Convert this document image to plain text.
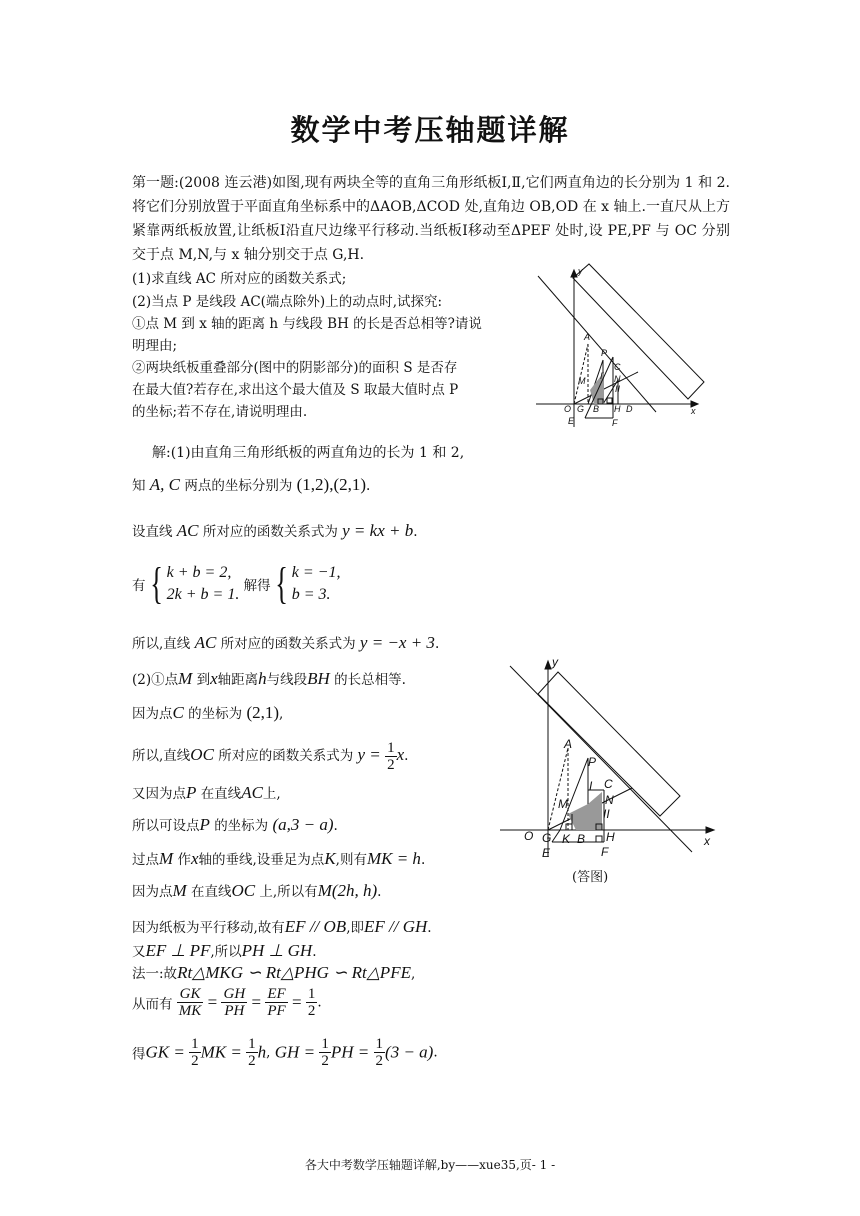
数学中考压轴题详解
第一题:(2008 连云港)如图,现有两块全等的直角三角形纸板Ⅰ,Ⅱ,它们两直角边的长分别为 1 和 2.将它们分别放置于平面直角坐标系中的ΔAOB,ΔCOD 处,直角边 OB,OD 在 x 轴上.一直尺从上方紧靠两纸板放置,让纸板Ⅰ沿直尺边缘平行移动.当纸板Ⅰ移动至ΔPEF 处时,设 PE,PF 与 OC 分别交于点 M,N,与 x 轴分别交于点 G,H.
(1)求直线 AC 所对应的函数关系式;
(2)当点 P 是线段 AC(端点除外)上的动点时,试探究:
①点 M 到 x 轴的距离 h 与线段 BH 的长是否总相等?请说
明理由;
②两块纸板重叠部分(图中的阴影部分)的面积 S 是否存
在最大值?若存在,求出这个最大值及 S 取最大值时点 P
的坐标;若不存在,请说明理由.
y
x
O
A
P
C
M I N
II
G B H D
E	F
解:(1)由直角三角形纸板的两直角边的长为 1 和 2,
知 A, C 两点的坐标分别为 (1,2),(2,1).
设直线 AC 所对应的函数关系式为 y = kx + b.
有{ k + b = 2,
2k + b = 1. 解得{ k = −1,
b = 3.
所以,直线 AC 所对应的函数关系式为 y = −x + 3.
(2)①点M 到x轴距离h与线段BH 的长总相等.
因为点C 的坐标为 (2,1),
所以,直线OC 所对应的函数关系式为 $y = \frac{1}{2} x$.
又因为点P 在直线AC上,
所以可设点P 的坐标为 (a,3 − a).
过点M 作x轴的垂线,设垂足为点K,则有MK = h.
因为点M 在直线OC 上,所以有M(2h, h).
因为纸板为平行移动,故有EF // OB,即EF // GH.
又EF ⊥ PF,所以PH ⊥ GH.
法一:故Rt△MKG ∽ Rt△PHG ∽ Rt△PFE,
从而有 $\frac{GK}{MK} = \frac{GH}{PH} = \frac{EF}{PF} = \frac{1}{2}$ .
得GK = $\frac{1}{2}$ MK = $\frac{1}{2} h$, GH = $\frac{1}{2}$ PH = $\frac{1}{2} (3 - a)$.
y
x
O
A
P
C
M
I
N
II
G K B H
E	F
(答图)
各大中考数学压轴题详解,by——xue35,页- 1 -
